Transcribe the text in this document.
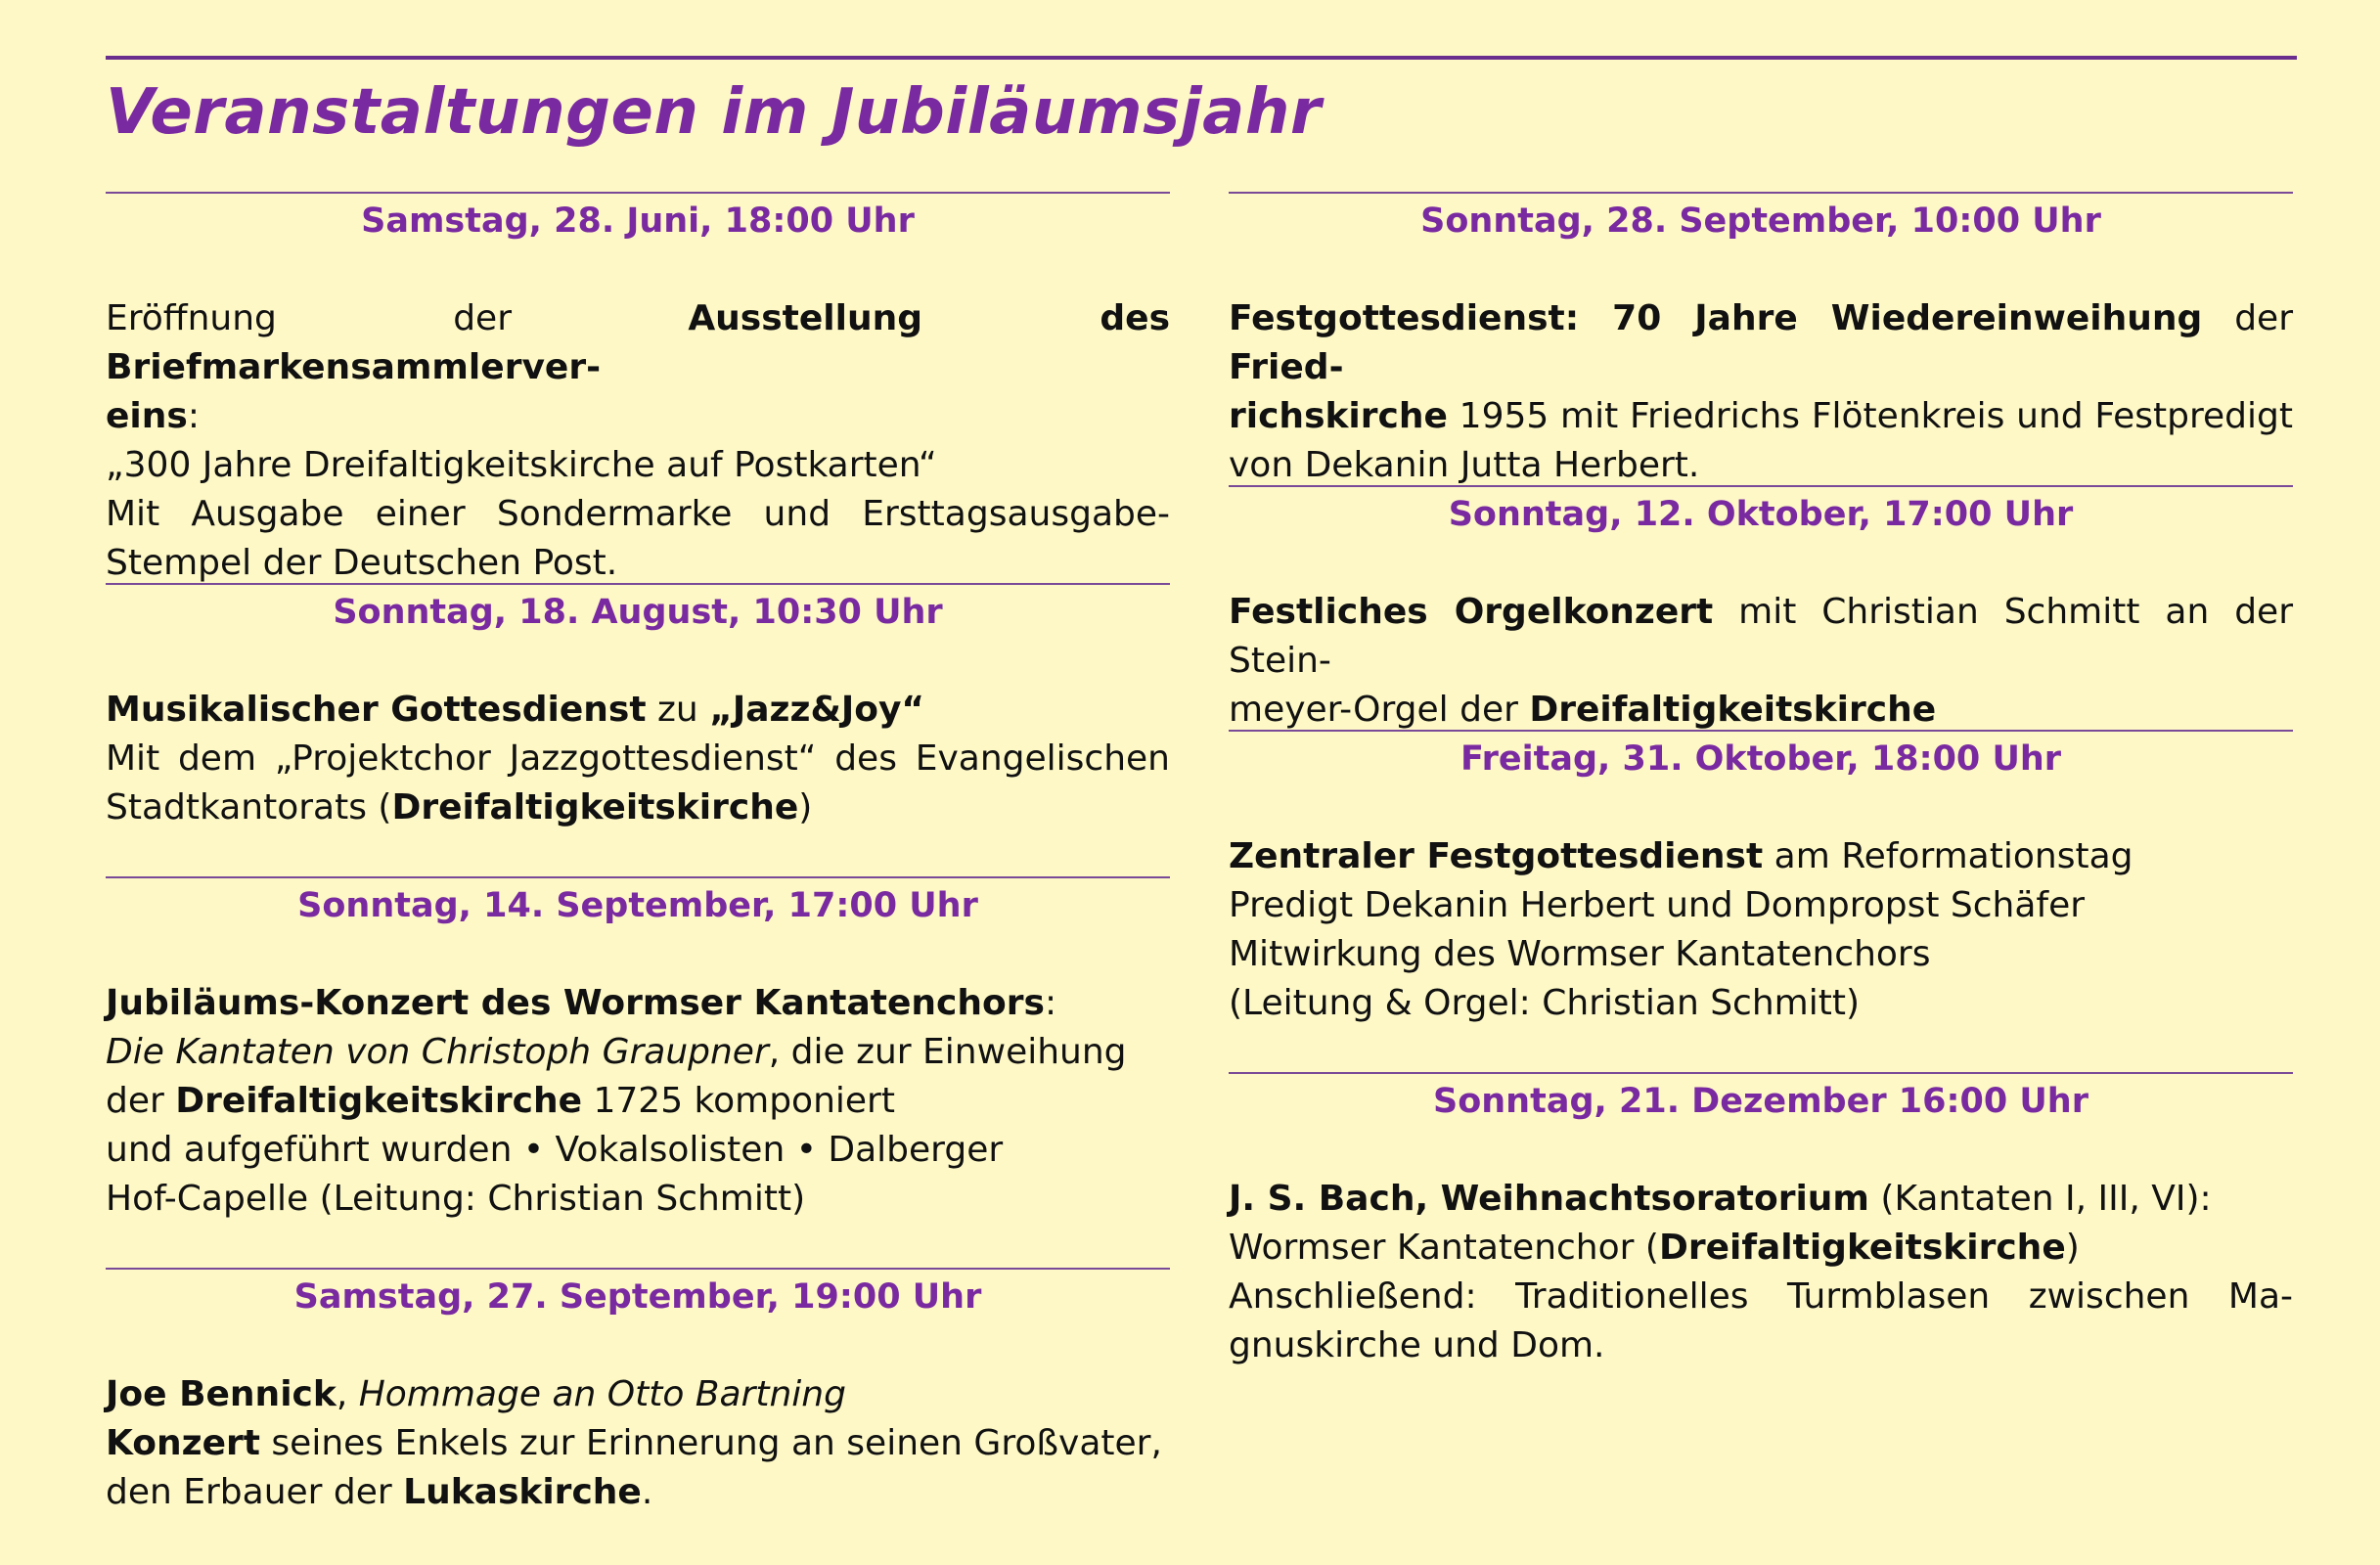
Veranstaltungen im Jubiläumsjahr
Samstag, 28. Juni, 18:00 Uhr
Eröffnung der Ausstellung des Briefmarkensammlerver-
eins:
„300 Jahre Dreifaltigkeitskirche auf Postkarten“
Mit Ausgabe einer Sondermarke und Ersttagsausgabe-
Stempel der Deutschen Post.
Sonntag, 18. August, 10:30 Uhr
Musikalischer Gottesdienst zu „Jazz&Joy“
Mit dem „Projektchor Jazzgottesdienst“ des Evangelischen
Stadtkantorats (Dreifaltigkeitskirche)
Sonntag, 14. September, 17:00 Uhr
Jubiläums-Konzert des Wormser Kantatenchors:
Die Kantaten von Christoph Graupner, die zur Einweihung
der Dreifaltigkeitskirche 1725 komponiert
und aufgeführt wurden • Vokalsolisten • Dalberger
Hof-Capelle (Leitung: Christian Schmitt)
Samstag, 27. September, 19:00 Uhr
Joe Bennick, Hommage an Otto Bartning
Konzert seines Enkels zur Erinnerung an seinen Großvater,
den Erbauer der Lukaskirche.
Sonntag, 28. September, 10:00 Uhr
Festgottesdienst: 70 Jahre Wiedereinweihung der Fried-
richskirche 1955 mit Friedrichs Flötenkreis und Festpredigt
von Dekanin Jutta Herbert.
Sonntag, 12. Oktober, 17:00 Uhr
Festliches Orgelkonzert mit Christian Schmitt an der Stein-
meyer-Orgel der Dreifaltigkeitskirche
Freitag, 31. Oktober, 18:00 Uhr
Zentraler Festgottesdienst am Reformationstag
Predigt Dekanin Herbert und Dompropst Schäfer
Mitwirkung des Wormser Kantatenchors
(Leitung & Orgel: Christian Schmitt)
Sonntag, 21. Dezember 16:00 Uhr
J. S. Bach, Weihnachtsoratorium (Kantaten I, III, VI):
Wormser Kantatenchor (Dreifaltigkeitskirche)
Anschließend: Traditionelles Turmblasen zwischen Ma-
gnuskirche und Dom.
